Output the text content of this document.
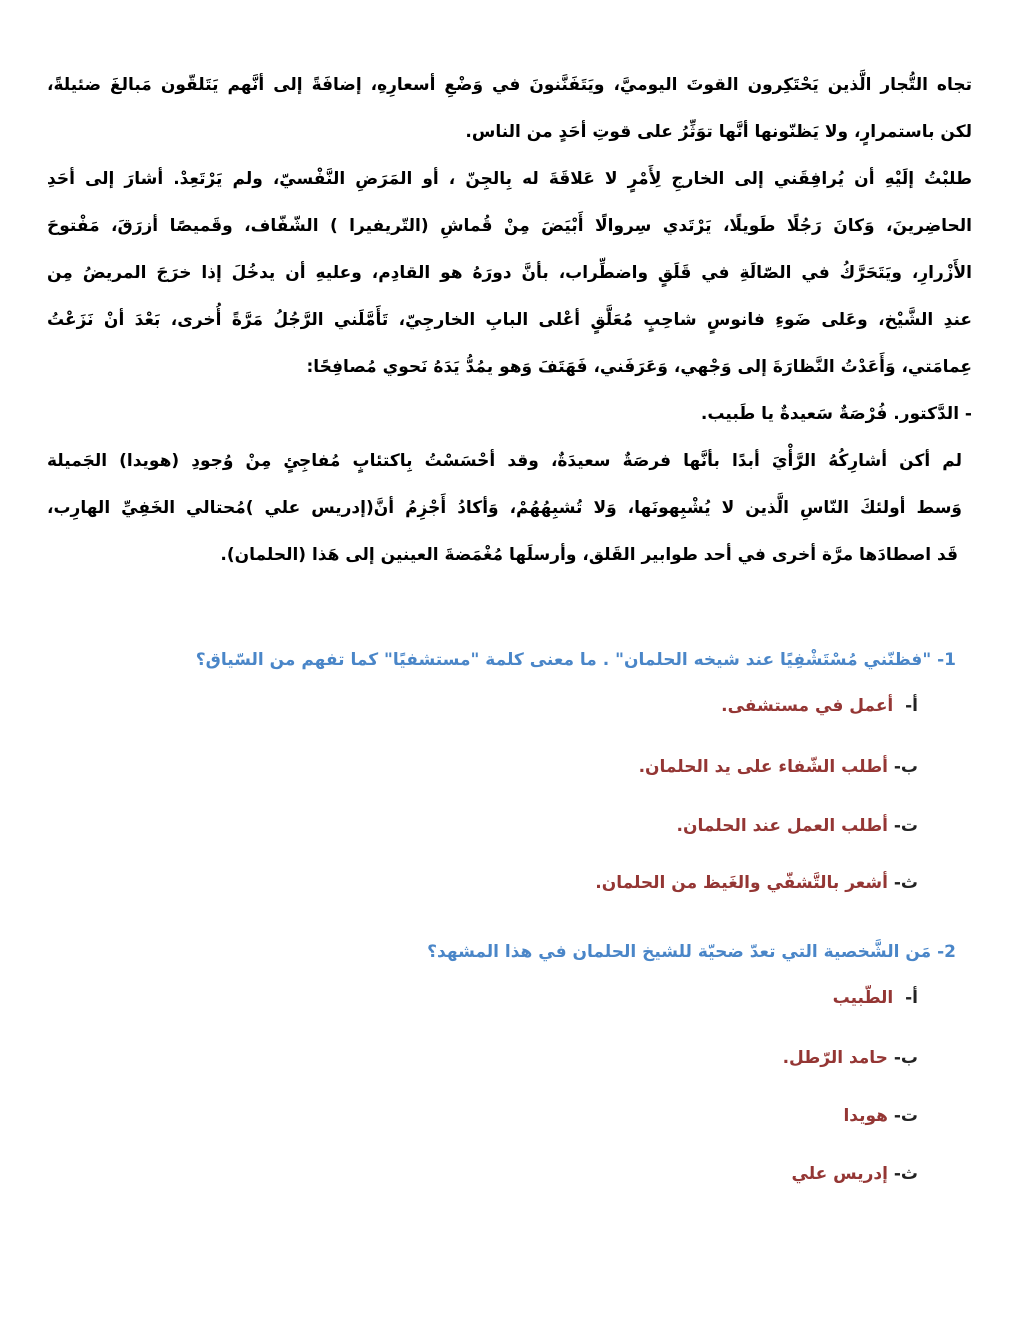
تجاه التُّجار الَّذين يَحْتَكِرون القوتَ اليوميَّ، ويَتَفَنَّنونَ في وَضْعِ أسعارِهِ، إضافَةً إلى أنَّهم يَتَلقّون مَبالغَ ضئيلةً،
لكن باستمرارٍ، ولا يَظنّونها أنَّها توَثِّرُ على قوتِ أحَدٍ من الناس.
طلبْتُ إلَيْهِ أن يُرافِقَني إلى الخارجِ لِأَمْرٍ لا عَلاقَةَ له بِالجِنّ ، أو المَرَضِ النَّفْسيّ، ولم يَرْتَعِدْ. أشارَ إلى أحَدِ
الحاضِرينَ، وَكانَ رَجُلًا طَويلًا، يَرْتَدي سِروالًا أَبْيَضَ مِنْ قُماشِ (التّريفيرا ) الشّفّاف، وقَميصًا أزرَقَ، مَفْتوحَ
الأَزْرارِ، ويَتَحَرَّكُ في الصّالَةِ في قَلَقٍ واضطِّراب، بأنَّ دورَهُ هو القادِم، وعليهِ أن يدخُلَ إذا خرَجَ المريضُ مِن
عندِ الشَّيْخ، وعَلى ضَوءِ فانوسٍ شاحِبٍ مُعَلَّقٍ أعْلى البابِ الخارجِيّ، تَأَمَّلَني الرَّجُلُ مَرَّةً أُخرى، بَعْدَ أنْ نَزَعْتُ
عِمامَتي، وَأَعَدْتُ النَّظارَةَ إلى وَجْهي، وَعَرَفَني، فَهَتَفَ وَهو يمُدُّ يَدَهُ نَحوي مُصافِحًا:
- الدَّكتور. فُرْصَةٌ سَعيدةٌ يا طَبيب.
لم أكن أشارِكُهُ الرَّأْيَ أبدًا بأنَّها فرصَةٌ سعيدَةٌ، وقد أحْسَسْتُ بِاكتئابٍ مُفاجِئٍ مِنْ وُجودِ (هويدا) الجَميلة
وَسط أولئكَ النّاسِ الَّذين لا يُشْبِهونَها، وَلا تُشبِهُهُمْ، وَأكادُ أَجْزِمُ أنَّ(إدريس علي )مُحتالي الخَفِيِّ الهارِب،
قَد اصطادَها مرَّة أخرى في أحد طوابير القَلق، وأرسلَها مُغْمَضةَ العينين إلى هَذا (الحلمان).
1- "فظنّني مُسْتَشْفِيًا عند شيخه الحلمان" . ما معنى كلمة "مستشفيًا" كما تفهم من السّياق؟
أ-  أعمل في مستشفى.
ب- أطلب الشّفاء على يد الحلمان.
ت- أطلب العمل عند الحلمان.
ث- أشعر بالتَّشفّي والغَيظ من الحلمان.
2- مَن الشَّخصية التي تعدّ ضحيّة للشيخ الحلمان في هذا المشهد؟
أ-  الطّبيب
ب- حامد الرّطل.
ت- هويدا
ث- إدريس علي
